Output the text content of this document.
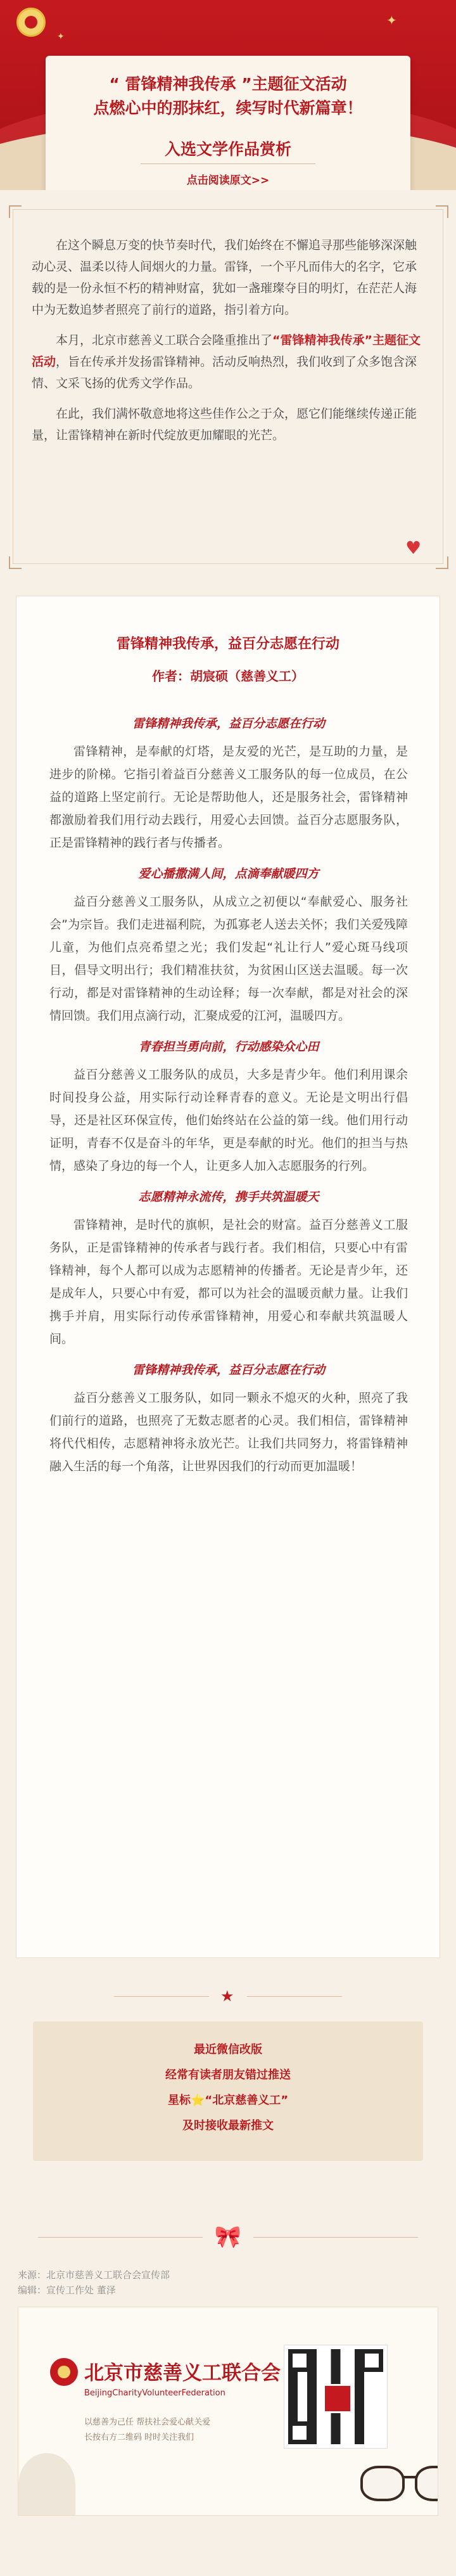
✦
✦
“ 雷锋精神我传承 ”主题征文活动
点燃心中的那抹红，续写时代新篇章！
入选文学作品赏析
点击阅读原文>>

在这个瞬息万变的快节奏时代，我们始终在不懈追寻那些能够深深触动心灵、温柔以待人间烟火的力量。雷锋，一个平凡而伟大的名字，它承载的是一份永恒不朽的精神财富，犹如一盏璀璨夺目的明灯，在茫茫人海中为无数追梦者照亮了前行的道路，指引着方向。

本月，北京市慈善义工联合会隆重推出了“雷锋精神我传承”主题征文活动，旨在传承并发扬雷锋精神。活动反响热烈，我们收到了众多饱含深情、文采飞扬的优秀文学作品。

在此，我们满怀敬意地将这些佳作公之于众，愿它们能继续传递正能量，让雷锋精神在新时代绽放更加耀眼的光芒。

♥
雷锋精神我传承，益百分志愿在行动
作者：胡宸硕（慈善义工）
雷锋精神我传承，益百分志愿在行动

雷锋精神，是奉献的灯塔，是友爱的光芒，是互助的力量，是进步的阶梯。它指引着益百分慈善义工服务队的每一位成员，在公益的道路上坚定前行。无论是帮助他人，还是服务社会，雷锋精神都激励着我们用行动去践行，用爱心去回馈。益百分志愿服务队，正是雷锋精神的践行者与传播者。

爱心播撒满人间，点滴奉献暖四方

益百分慈善义工服务队，从成立之初便以“奉献爱心、服务社会”为宗旨。我们走进福利院，为孤寡老人送去关怀；我们关爱残障儿童，为他们点亮希望之光；我们发起“礼让行人”爱心斑马线项目，倡导文明出行；我们精准扶贫，为贫困山区送去温暖。每一次行动，都是对雷锋精神的生动诠释；每一次奉献，都是对社会的深情回馈。我们用点滴行动，汇聚成爱的江河，温暖四方。

青春担当勇向前，行动感染众心田

益百分慈善义工服务队的成员，大多是青少年。他们利用课余时间投身公益，用实际行动诠释青春的意义。无论是文明出行倡导，还是社区环保宣传，他们始终站在公益的第一线。他们用行动证明，青春不仅是奋斗的年华，更是奉献的时光。他们的担当与热情，感染了身边的每一个人，让更多人加入志愿服务的行列。

志愿精神永流传，携手共筑温暖天

雷锋精神，是时代的旗帜，是社会的财富。益百分慈善义工服务队，正是雷锋精神的传承者与践行者。我们相信，只要心中有雷锋精神，每个人都可以成为志愿精神的传播者。无论是青少年，还是成年人，只要心中有爱，都可以为社会的温暖贡献力量。让我们携手并肩，用实际行动传承雷锋精神，用爱心和奉献共筑温暖人间。

雷锋精神我传承，益百分志愿在行动

益百分慈善义工服务队，如同一颗永不熄灭的火种，照亮了我们前行的道路，也照亮了无数志愿者的心灵。我们相信，雷锋精神将代代相传，志愿精神将永放光芒。让我们共同努力，将雷锋精神融入生活的每一个角落，让世界因我们的行动而更加温暖！

★
最近微信改版
经常有读者朋友错过推送
星标⭐“北京慈善义工”
及时接收最新推文
🎀
来源：北京市慈善义工联合会宣传部
编辑：宣传工作处 董泽
北京市慈善义工联合会
BeijingCharityVolunteerFederation
以慈善为己任 帮扶社会爱心献关爱
长按右方二维码 时时关注我们
